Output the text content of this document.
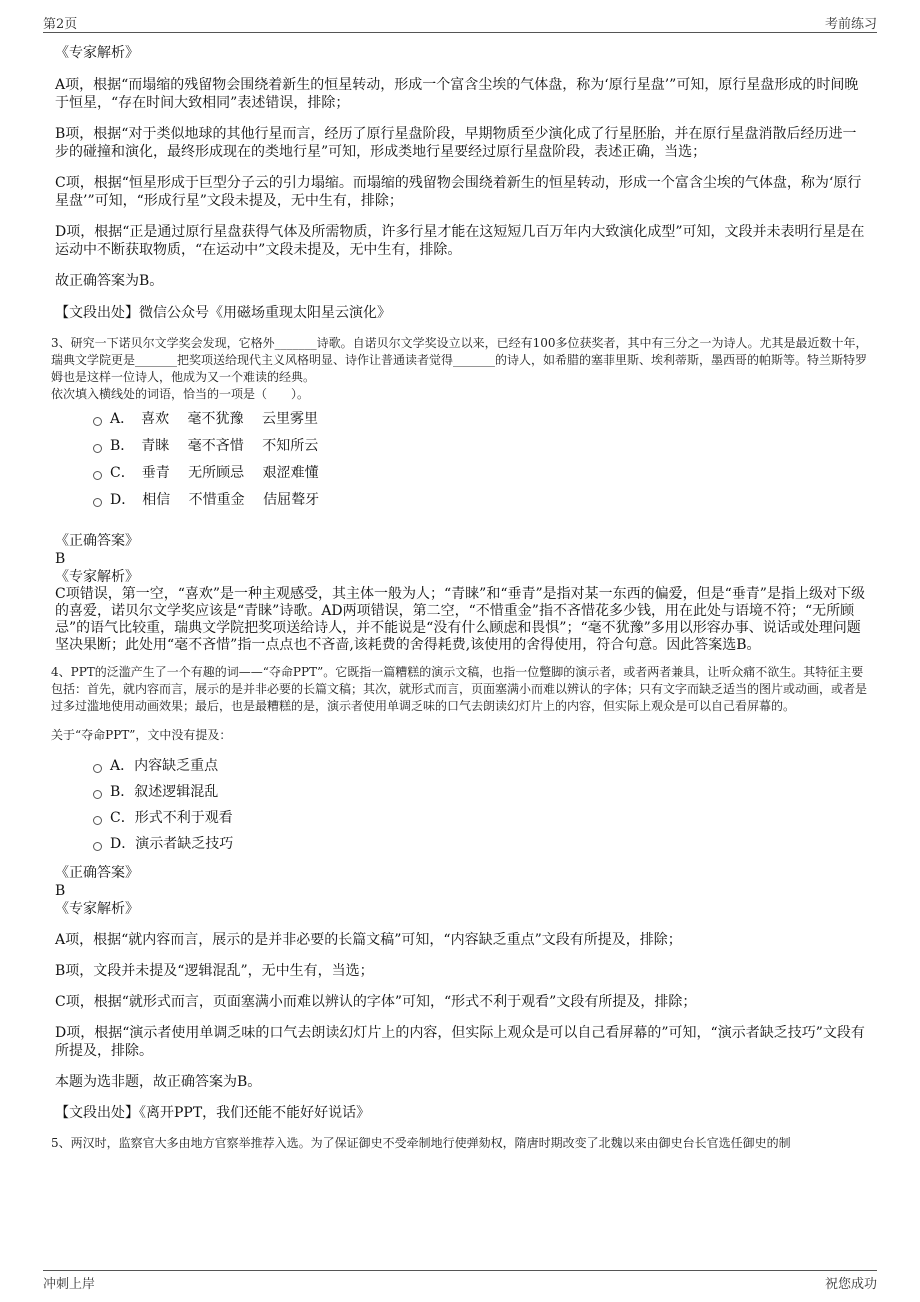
第2页	考前练习

《专家解析》

A项，根据“而塌缩的残留物会围绕着新生的恒星转动，形成一个富含尘埃的气体盘，称为‘原行星盘’”可知，原行星盘形成的时间晚于恒星，“存在时间大致相同”表述错误，排除；

B项，根据“对于类似地球的其他行星而言，经历了原行星盘阶段，早期物质至少演化成了行星胚胎，并在原行星盘消散后经历进一步的碰撞和演化，最终形成现在的类地行星”可知，形成类地行星要经过原行星盘阶段，表述正确，当选；

C项，根据“恒星形成于巨型分子云的引力塌缩。而塌缩的残留物会围绕着新生的恒星转动，形成一个富含尘埃的气体盘，称为‘原行星盘’”可知，“形成行星”文段未提及，无中生有，排除；

D项，根据“正是通过原行星盘获得气体及所需物质，许多行星才能在这短短几百万年内大致演化成型”可知，文段并未表明行星是在运动中不断获取物质，“在运动中”文段未提及，无中生有，排除。

故正确答案为B。

【文段出处】微信公众号《用磁场重现太阳星云演化》

3、研究一下诺贝尔文学奖会发现，它格外_______诗歌。自诺贝尔文学奖设立以来，已经有100多位获奖者，其中有三分之一为诗人。尤其是最近数十年，瑞典文学院更是_______把奖项送给现代主义风格明显、诗作让普通读者觉得_______的诗人，如希腊的塞菲里斯、埃利蒂斯，墨西哥的帕斯等。特兰斯特罗姆也是这样一位诗人，他成为又一个难读的经典。

依次填入横线处的词语，恰当的一项是（　　）。

A．　喜欢　 毫不犹豫　 云里雾里
B．　青睐　 毫不吝惜　 不知所云
C．　垂青　 无所顾忌　 艰涩难懂
D．　相信　 不惜重金　 佶屈聱牙

《正确答案》

B

《专家解析》

C项错误，第一空，“喜欢”是一种主观感受，其主体一般为人；“青睐”和“垂青”是指对某一东西的偏爱，但是“垂青”是指上级对下级的喜爱，诺贝尔文学奖应该是“青睐”诗歌。AD两项错误，第二空，“不惜重金”指不吝惜花多少钱，用在此处与语境不符；“无所顾忌”的语气比较重，瑞典文学院把奖项送给诗人，并不能说是“没有什么顾虑和畏惧”；“毫不犹豫”多用以形容办事、说话或处理问题坚决果断；此处用“毫不吝惜”指一点点也不吝啬,该耗费的舍得耗费,该使用的舍得使用，符合句意。因此答案选B。

4、PPT的泛滥产生了一个有趣的词——“夺命PPT”。它既指一篇糟糕的演示文稿，也指一位蹩脚的演示者，或者两者兼具，让听众痛不欲生。其特征主要包括：首先，就内容而言，展示的是并非必要的长篇文稿；其次，就形式而言，页面塞满小而难以辨认的字体；只有文字而缺乏适当的图片或动画，或者是过多过滥地使用动画效果；最后，也是最糟糕的是，演示者使用单调乏味的口气去朗读幻灯片上的内容，但实际上观众是可以自己看屏幕的。

关于“夺命PPT”，文中没有提及：

A．内容缺乏重点
B．叙述逻辑混乱
C．形式不利于观看
D．演示者缺乏技巧

《正确答案》

B

《专家解析》

A项，根据“就内容而言，展示的是并非必要的长篇文稿”可知，“内容缺乏重点”文段有所提及，排除；

B项，文段并未提及“逻辑混乱”，无中生有，当选；

C项，根据“就形式而言，页面塞满小而难以辨认的字体”可知，“形式不利于观看”文段有所提及，排除；

D项，根据“演示者使用单调乏味的口气去朗读幻灯片上的内容，但实际上观众是可以自己看屏幕的”可知，“演示者缺乏技巧”文段有所提及，排除。

本题为选非题，故正确答案为B。

【文段出处】《离开PPT，我们还能不能好好说话》

5、两汉时，监察官大多由地方官察举推荐入选。为了保证御史不受牵制地行使弹劾权，隋唐时期改变了北魏以来由御史台长官选任御史的制

冲刺上岸	祝您成功
